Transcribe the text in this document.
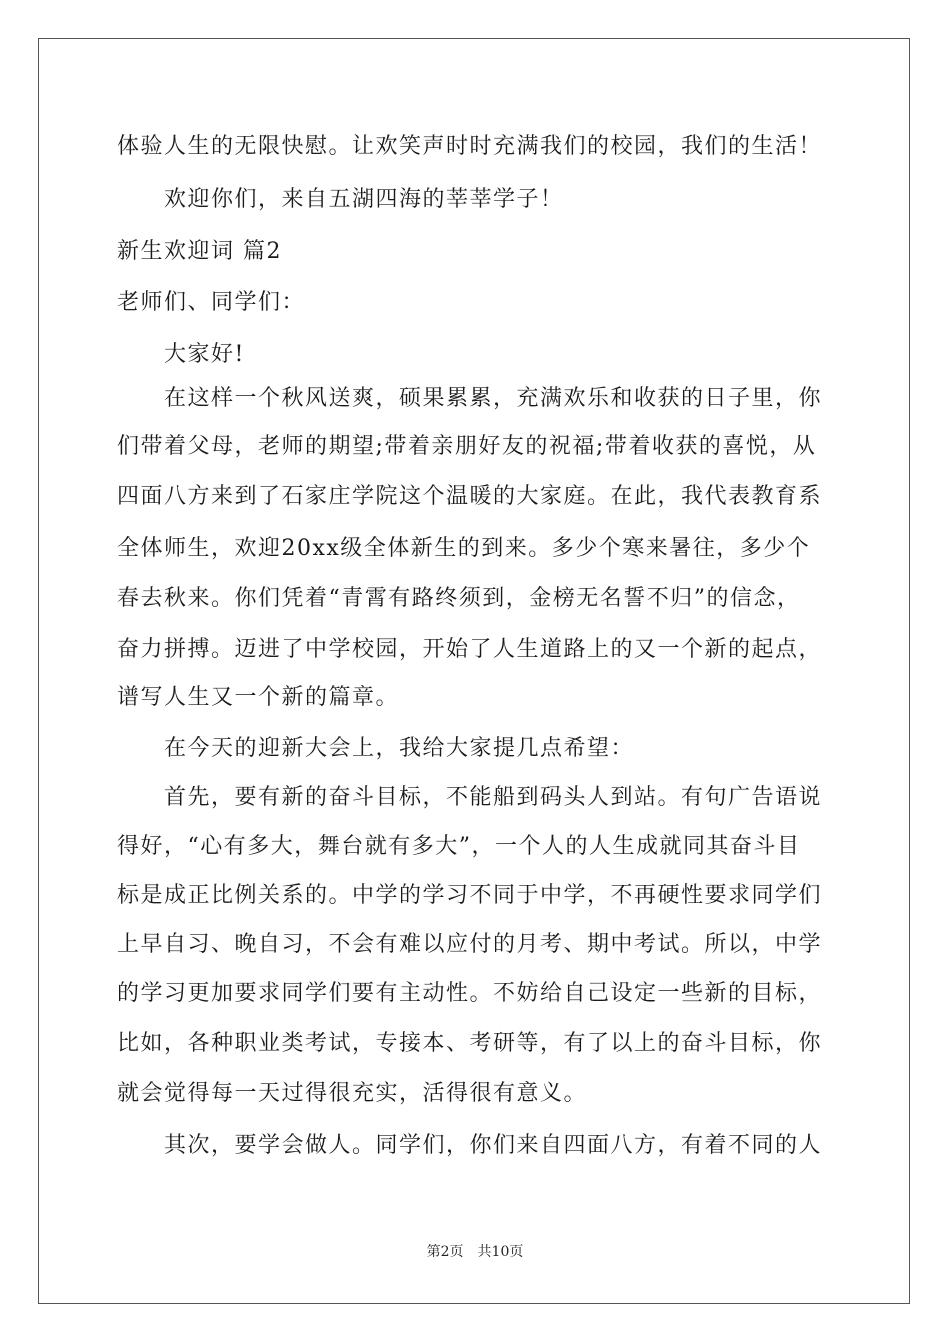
体验人生的无限快慰。让欢笑声时时充满我们的校园，我们的生活！
欢迎你们，来自五湖四海的莘莘学子！
新生欢迎词 篇2
老师们、同学们：
大家好!
在这样一个秋风送爽，硕果累累，充满欢乐和收获的日子里，你
们带着父母，老师的期望;带着亲朋好友的祝福;带着收获的喜悦，从
四面八方来到了石家庄学院这个温暖的大家庭。在此，我代表教育系
全体师生，欢迎20xx级全体新生的到来。多少个寒来暑往，多少个
春去秋来。你们凭着“青霄有路终须到，金榜无名誓不归”的信念，
奋力拼搏。迈进了中学校园，开始了人生道路上的又一个新的起点，
谱写人生又一个新的篇章。
在今天的迎新大会上，我给大家提几点希望：
首先，要有新的奋斗目标，不能船到码头人到站。有句广告语说
得好，“心有多大，舞台就有多大”，一个人的人生成就同其奋斗目
标是成正比例关系的。中学的学习不同于中学，不再硬性要求同学们
上早自习、晚自习，不会有难以应付的月考、期中考试。所以，中学
的学习更加要求同学们要有主动性。不妨给自己设定一些新的目标，
比如，各种职业类考试，专接本、考研等，有了以上的奋斗目标，你
就会觉得每一天过得很充实，活得很有意义。
其次，要学会做人。同学们，你们来自四面八方，有着不同的人
第2页 共10页
